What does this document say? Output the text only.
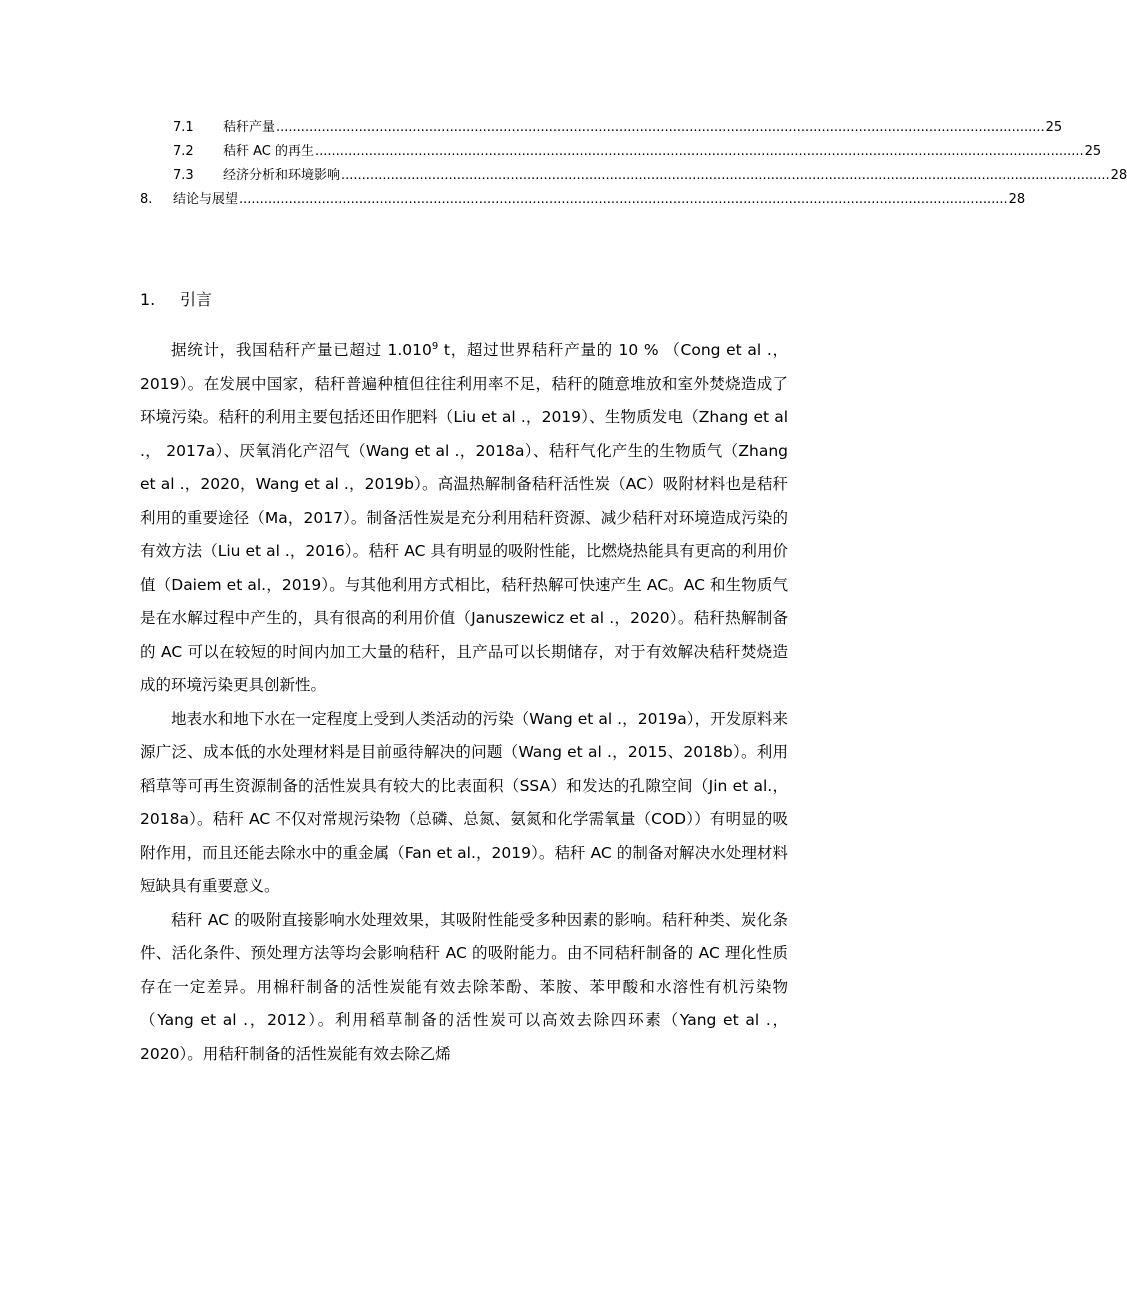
7.1	秸秆产量 .......................................................................................................................................................................................... 25
7.2	秸秆 AC 的再生 .......................................................................................................................................................................................... 25
7.3	经济分析和环境影响 .......................................................................................................................................................................................... 28
8.	结论与展望 .......................................................................................................................................................................................... 28
1.	引言

据统计，我国秸秆产量已超过 1.010$^9$ t，超过世界秸秆产量的 10 % （Cong et al .，2019）。在发展中国家，秸秆普遍种植但往往利用率不足，秸秆的随意堆放和室外焚烧造成了环境污染。秸秆的利用主要包括还田作肥料（Liu et al .，2019）、生物质发电（Zhang et al .， 2017a）、厌氧消化产沼气（Wang et al .，2018a）、秸秆气化产生的生物质气（Zhang et al .，2020，Wang et al .，2019b）。高温热解制备秸秆活性炭（AC）吸附材料也是秸秆利用的重要途径（Ma，2017）。制备活性炭是充分利用秸秆资源、减少秸秆对环境造成污染的有效方法（Liu et al .，2016）。秸秆 AC 具有明显的吸附性能，比燃烧热能具有更高的利用价值（Daiem et al.，2019）。与其他利用方式相比，秸秆热解可快速产生 AC。AC 和生物质气是在水解过程中产生的，具有很高的利用价值（Januszewicz et al .，2020）。秸秆热解制备的 AC 可以在较短的时间内加工大量的秸秆，且产品可以长期储存，对于有效解决秸秆焚烧造成的环境污染更具创新性。

地表水和地下水在一定程度上受到人类活动的污染（Wang et al .，2019a），开发原料来源广泛、成本低的水处理材料是目前亟待解决的问题（Wang et al .，2015、2018b）。利用稻草等可再生资源制备的活性炭具有较大的比表面积（SSA）和发达的孔隙空间（Jin et al.，2018a）。秸秆 AC 不仅对常规污染物（总磷、总氮、氨氮和化学需氧量（COD））有明显的吸附作用，而且还能去除水中的重金属（Fan et al.，2019）。秸秆 AC 的制备对解决水处理材料短缺具有重要意义。

秸秆 AC 的吸附直接影响水处理效果，其吸附性能受多种因素的影响。秸秆种类、炭化条件、活化条件、预处理方法等均会影响秸秆 AC 的吸附能力。由不同秸秆制备的 AC 理化性质存在一定差异。用棉秆制备的活性炭能有效去除苯酚、苯胺、苯甲酸和水溶性有机污染物（Yang et al .，2012）。利用稻草制备的活性炭可以高效去除四环素（Yang et al .，2020）。用秸秆制备的活性炭能有效去除乙烯
